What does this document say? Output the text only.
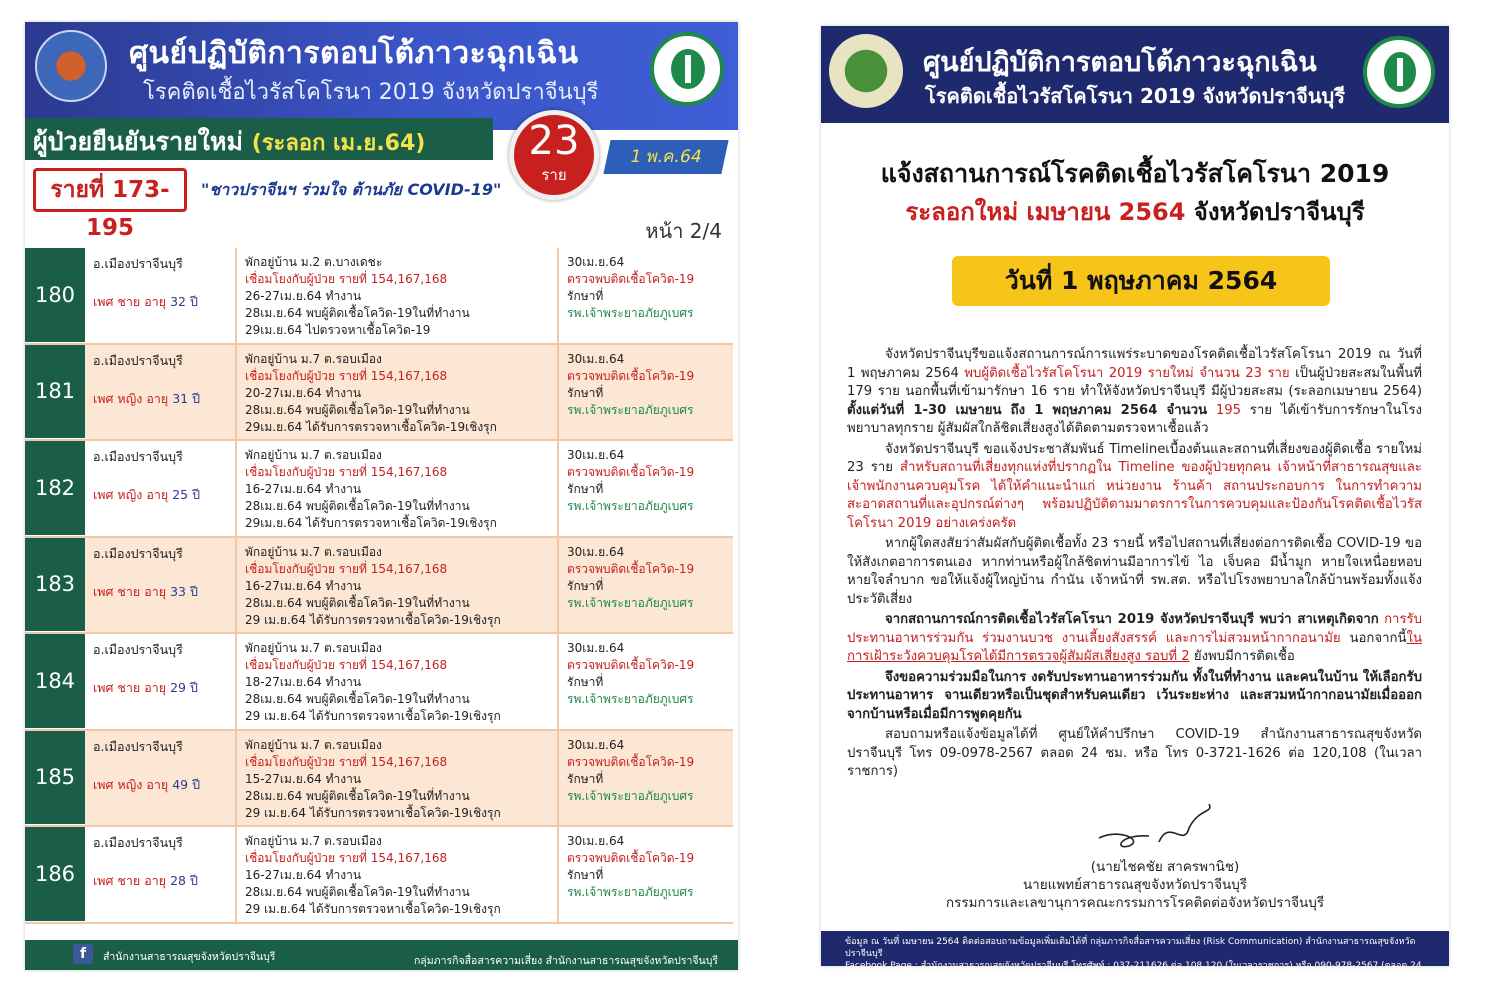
ศูนย์ปฏิบัติการตอบโต้ภาวะฉุกเฉิน
โรคติดเชื้อไวรัสโคโรนา 2019 จังหวัดปราจีนบุรี
ผู้ป่วยยืนยันรายใหม่ (ระลอก เม.ย.64)	23
ราย
1 พ.ค.64
รายที่ 173-195
"ชาวปราจีนฯ ร่วมใจ ต้านภัย COVID-19"
หน้า 2/4
180
อ.เมืองปราจีนบุรี
เพศ ชาย อายุ 32 ปี
พักอยู่บ้าน ม.2 ต.บางเดชะ
เชื่อมโยงกับผู้ป่วย รายที่ 154,167,168
26-27เม.ย.64 ทำงาน
28เม.ย.64 พบผู้ติดเชื้อโควิด-19ในที่ทำงาน
29เม.ย.64 ไปตรวจหาเชื้อโควิด-19
30เม.ย.64
ตรวจพบติดเชื้อโควิด-19
รักษาที่
รพ.เจ้าพระยาอภัยภูเบศร
181
อ.เมืองปราจีนบุรี
เพศ หญิง อายุ 31 ปี
พักอยู่บ้าน ม.7 ต.รอบเมือง
เชื่อมโยงกับผู้ป่วย รายที่ 154,167,168
20-27เม.ย.64 ทำงาน
28เม.ย.64 พบผู้ติดเชื้อโควิด-19ในที่ทำงาน
29เม.ย.64 ได้รับการตรวจหาเชื้อโควิด-19เชิงรุก
30เม.ย.64
ตรวจพบติดเชื้อโควิด-19
รักษาที่
รพ.เจ้าพระยาอภัยภูเบศร
182
อ.เมืองปราจีนบุรี
เพศ หญิง อายุ 25 ปี
พักอยู่บ้าน ม.7 ต.รอบเมือง
เชื่อมโยงกับผู้ป่วย รายที่ 154,167,168
16-27เม.ย.64 ทำงาน
28เม.ย.64 พบผู้ติดเชื้อโควิด-19ในที่ทำงาน
29เม.ย.64 ได้รับการตรวจหาเชื้อโควิด-19เชิงรุก
30เม.ย.64
ตรวจพบติดเชื้อโควิด-19
รักษาที่
รพ.เจ้าพระยาอภัยภูเบศร
183
อ.เมืองปราจีนบุรี
เพศ ชาย อายุ 33 ปี
พักอยู่บ้าน ม.7 ต.รอบเมือง
เชื่อมโยงกับผู้ป่วย รายที่ 154,167,168
16-27เม.ย.64 ทำงาน
28เม.ย.64 พบผู้ติดเชื้อโควิด-19ในที่ทำงาน
29 เม.ย.64 ได้รับการตรวจหาเชื้อโควิด-19เชิงรุก
30เม.ย.64
ตรวจพบติดเชื้อโควิด-19
รักษาที่
รพ.เจ้าพระยาอภัยภูเบศร
184
อ.เมืองปราจีนบุรี
เพศ ชาย อายุ 29 ปี
พักอยู่บ้าน ม.7 ต.รอบเมือง
เชื่อมโยงกับผู้ป่วย รายที่ 154,167,168
18-27เม.ย.64 ทำงาน
28เม.ย.64 พบผู้ติดเชื้อโควิด-19ในที่ทำงาน
29 เม.ย.64 ได้รับการตรวจหาเชื้อโควิด-19เชิงรุก
30เม.ย.64
ตรวจพบติดเชื้อโควิด-19
รักษาที่
รพ.เจ้าพระยาอภัยภูเบศร
185
อ.เมืองปราจีนบุรี
เพศ หญิง อายุ 49 ปี
พักอยู่บ้าน ม.7 ต.รอบเมือง
เชื่อมโยงกับผู้ป่วย รายที่ 154,167,168
15-27เม.ย.64 ทำงาน
28เม.ย.64 พบผู้ติดเชื้อโควิด-19ในที่ทำงาน
29 เม.ย.64 ได้รับการตรวจหาเชื้อโควิด-19เชิงรุก
30เม.ย.64
ตรวจพบติดเชื้อโควิด-19
รักษาที่
รพ.เจ้าพระยาอภัยภูเบศร
186
อ.เมืองปราจีนบุรี
เพศ ชาย อายุ 28 ปี
พักอยู่บ้าน ม.7 ต.รอบเมือง
เชื่อมโยงกับผู้ป่วย รายที่ 154,167,168
16-27เม.ย.64 ทำงาน
28เม.ย.64 พบผู้ติดเชื้อโควิด-19ในที่ทำงาน
29 เม.ย.64 ได้รับการตรวจหาเชื้อโควิด-19เชิงรุก
30เม.ย.64
ตรวจพบติดเชื้อโควิด-19
รักษาที่
รพ.เจ้าพระยาอภัยภูเบศร
f	สำนักงานสาธารณสุขจังหวัดปราจีนบุรี	กลุ่มภารกิจสื่อสารความเสี่ยง สำนักงานสาธารณสุขจังหวัดปราจีนบุรี
ศูนย์ปฏิบัติการตอบโต้ภาวะฉุกเฉิน
โรคติดเชื้อไวรัสโคโรนา 2019 จังหวัดปราจีนบุรี
แจ้งสถานการณ์โรคติดเชื้อไวรัสโคโรนา 2019
ระลอกใหม่ เมษายน 2564 จังหวัดปราจีนบุรี
วันที่ 1 พฤษภาคม 2564

จังหวัดปราจีนบุรีขอแจ้งสถานการณ์การแพร่ระบาดของโรคติดเชื้อไวรัสโคโรนา 2019 ณ วันที่ 1 พฤษภาคม 2564 พบผู้ติดเชื้อไวรัสโคโรนา 2019 รายใหม่ จำนวน 23 ราย เป็นผู้ป่วยสะสมในพื้นที่ 179 ราย นอกพื้นที่เข้ามารักษา 16 ราย ทำให้จังหวัดปราจีนบุรี มีผู้ป่วยสะสม (ระลอกเมษายน 2564) ตั้งแต่วันที่ 1-30 เมษายน ถึง 1 พฤษภาคม 2564 จำนวน 195 ราย ได้เข้ารับการรักษาในโรงพยาบาลทุกราย ผู้สัมผัสใกล้ชิดเสี่ยงสูงได้ติดตามตรวจหาเชื้อแล้ว

จังหวัดปราจีนบุรี ขอแจ้งประชาสัมพันธ์ Timelineเบื้องต้นและสถานที่เสี่ยงของผู้ติดเชื้อ รายใหม่ 23 ราย สำหรับสถานที่เสี่ยงทุกแห่งที่ปรากฏใน Timeline ของผู้ป่วยทุกคน เจ้าหน้าที่สาธารณสุขและเจ้าพนักงานควบคุมโรค ได้ให้คำแนะนำแก่ หน่วยงาน ร้านค้า สถานประกอบการ ในการทำความสะอาดสถานที่และอุปกรณ์ต่างๆ พร้อมปฏิบัติตามมาตรการในการควบคุมและป้องกันโรคติดเชื้อไวรัสโคโรนา 2019 อย่างเคร่งครัด

หากผู้ใดสงสัยว่าสัมผัสกับผู้ติดเชื้อทั้ง 23 รายนี้ หรือไปสถานที่เสี่ยงต่อการติดเชื้อ COVID-19 ขอให้สังเกตอาการตนเอง หากท่านหรือผู้ใกล้ชิดท่านมีอาการไข้ ไอ เจ็บคอ มีน้ำมูก หายใจเหนื่อยหอบ หายใจลำบาก ขอให้แจ้งผู้ใหญ่บ้าน กำนัน เจ้าหน้าที่ รพ.สต. หรือไปโรงพยาบาลใกล้บ้านพร้อมทั้งแจ้งประวัติเสี่ยง

จากสถานการณ์การติดเชื้อไวรัสโคโรนา 2019 จังหวัดปราจีนบุรี พบว่า สาเหตุเกิดจาก การรับประทานอาหารร่วมกัน ร่วมงานบวช งานเลี้ยงสังสรรค์ และการไม่สวมหน้ากากอนามัย นอกจากนี้ในการเฝ้าระวังควบคุมโรคได้มีการตรวจผู้สัมผัสเสี่ยงสูง รอบที่ 2 ยังพบมีการติดเชื้อ

จึงขอความร่วมมือในการ งดรับประทานอาหารร่วมกัน ทั้งในที่ทำงาน และคนในบ้าน ให้เลือกรับประทานอาหาร จานเดียวหรือเป็นชุดสำหรับคนเดียว เว้นระยะห่าง และสวมหน้ากากอนามัยเมื่อออกจากบ้านหรือเมื่อมีการพูดคุยกัน

สอบถามหรือแจ้งข้อมูลได้ที่ ศูนย์ให้คำปรึกษา COVID-19 สำนักงานสาธารณสุขจังหวัดปราจีนบุรี โทร 09-0978-2567 ตลอด 24 ชม. หรือ โทร 0-3721-1626 ต่อ 120,108 (ในเวลาราชการ)

(นายไชคชัย สาครพานิช)
นายแพทย์สาธารณสุขจังหวัดปราจีนบุรี
กรรมการและเลขานุการคณะกรรมการโรคติดต่อจังหวัดปราจีนบุรี
ข้อมูล ณ วันที่ เมษายน 2564 ติดต่อสอบถามข้อมูลเพิ่มเติมได้ที่ กลุ่มภารกิจสื่อสารความเสี่ยง (Risk Communication) สำนักงานสาธารณสุขจังหวัดปราจีนบุรี
Facebook Page : สำนักงานสาธารณสุขจังหวัดปราจีนบุรี โทรศัพท์ : 037-211626 ต่อ 108,120 (ในเวลาราชการ) หรือ 090-978-2567 (ตลอด 24 ชั่วโมง)
